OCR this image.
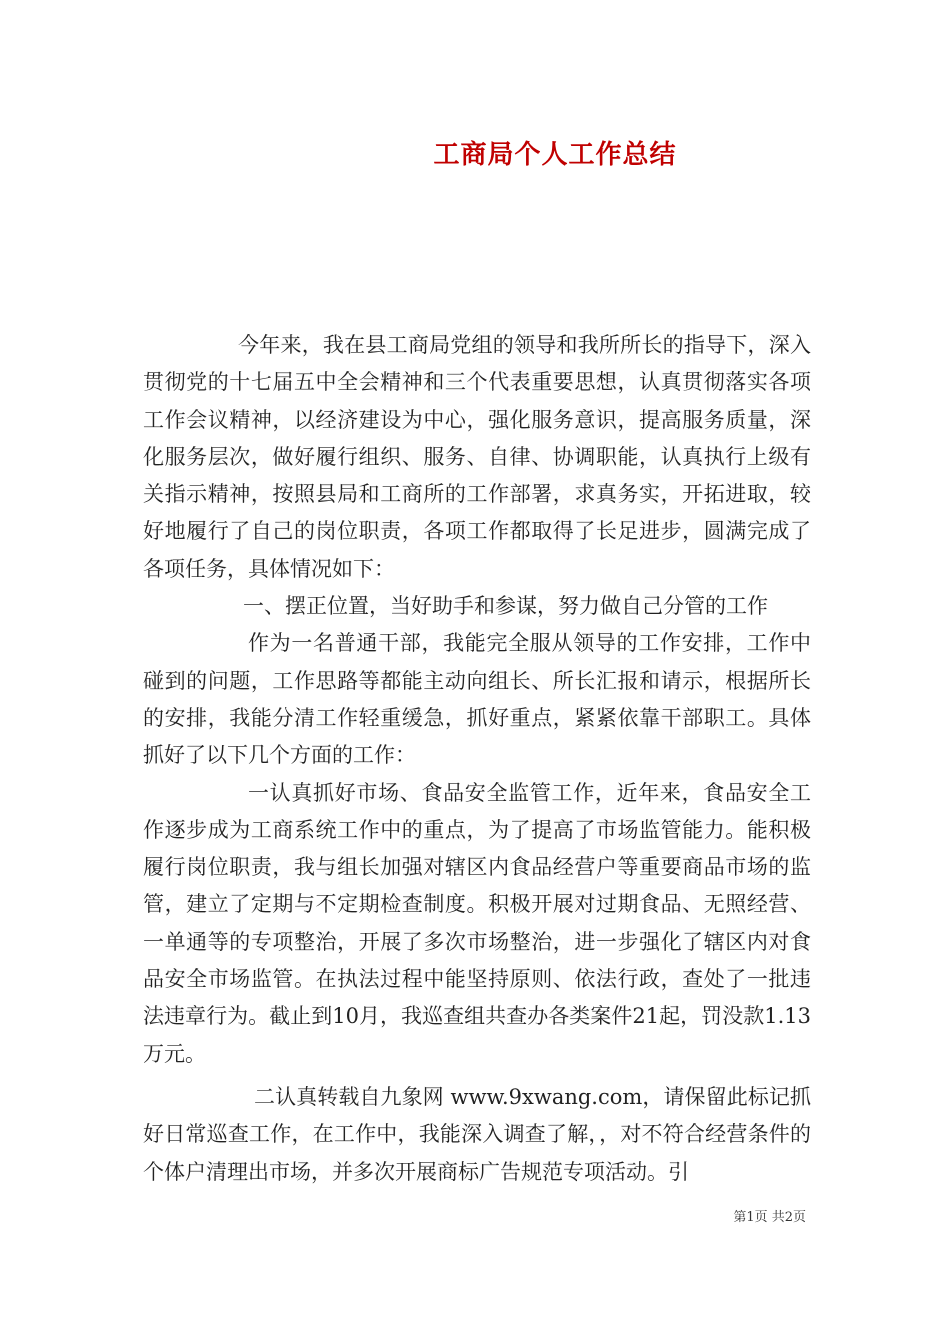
工商局个人工作总结

今年来，我在县工商局党组的领导和我所所长的指导下，深入贯彻党的十七届五中全会精神和三个代表重要思想，认真贯彻落实各项工作会议精神，以经济建设为中心，强化服务意识，提高服务质量，深化服务层次，做好履行组织、服务、自律、协调职能，认真执行上级有关指示精神，按照县局和工商所的工作部署，求真务实，开拓进取，较好地履行了自己的岗位职责，各项工作都取得了长足进步，圆满完成了各项任务，具体情况如下：

一、摆正位置，当好助手和参谋，努力做自己分管的工作

作为一名普通干部，我能完全服从领导的工作安排，工作中碰到的问题，工作思路等都能主动向组长、所长汇报和请示，根据所长的安排，我能分清工作轻重缓急，抓好重点，紧紧依靠干部职工。具体抓好了以下几个方面的工作：

一认真抓好市场、食品安全监管工作，近年来，食品安全工作逐步成为工商系统工作中的重点，为了提高了市场监管能力。能积极履行岗位职责，我与组长加强对辖区内食品经营户等重要商品市场的监管，建立了定期与不定期检查制度。积极开展对过期食品、无照经营、一单通等的专项整治，开展了多次市场整治，进一步强化了辖区内对食品安全市场监管。在执法过程中能坚持原则、依法行政，查处了一批违法违章行为。截止到10月，我巡查组共查办各类案件21起，罚没款1.13万元。

二认真转载自九象网 www.9xwang.com，请保留此标记抓好日常巡查工作，在工作中，我能深入调查了解，，对不符合经营条件的个体户清理出市场，并多次开展商标广告规范专项活动。引

第1页 共2页
